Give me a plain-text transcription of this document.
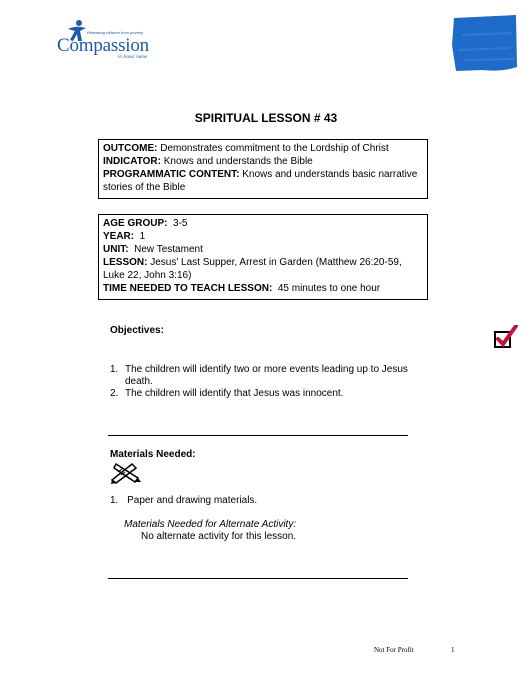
Releasing children from poverty
Compassion
in Jesus' name
SPIRITUAL LESSON # 43
OUTCOME: Demonstrates commitment to the Lordship of Christ
INDICATOR: Knows and understands the Bible
PROGRAMMATIC CONTENT: Knows and understands basic narrative stories of the Bible
AGE GROUP:  3-5
YEAR:  1
UNIT:  New Testament
LESSON: Jesus' Last Supper, Arrest in Garden (Matthew 26:20-59, Luke 22, John 3:16)
TIME NEEDED TO TEACH LESSON:  45 minutes to one hour
Objectives:
1. The children will identify two or more events leading up to Jesus death.
2. The children will identify that Jesus was innocent.
Materials Needed:
1. Paper and drawing materials.
Materials Needed for Alternate Activity:
No alternate activity for this lesson.
Not For Profit	1
